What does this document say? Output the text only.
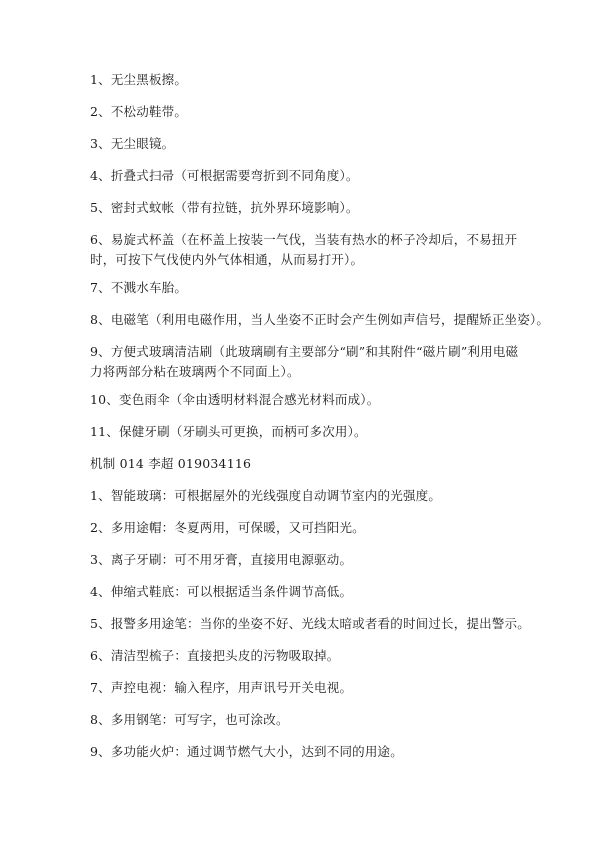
1、无尘黑板擦。
2、不松动鞋带。
3、无尘眼镜。
4、折叠式扫帚（可根据需要弯折到不同角度）。
5、密封式蚊帐（带有拉链，抗外界环境影响）。
6、易旋式杯盖（在杯盖上按装一气伐，当装有热水的杯子冷却后，不易扭开时，可按下气伐使内外气体相通，从而易打开）。
7、不溅水车胎。
8、电磁笔（利用电磁作用，当人坐姿不正时会产生例如声信号，提醒矫正坐姿）。
9、方便式玻璃清洁刷（此玻璃刷有主要部分“刷”和其附件“磁片刷”利用电磁力将两部分粘在玻璃两个不同面上）。
10、变色雨伞（伞由透明材料混合感光材料而成）。
11、保健牙刷（牙刷头可更换，而柄可多次用）。
机制 014 李超 019034116
1、智能玻璃：可根据屋外的光线强度自动调节室内的光强度。
2、多用途帽：冬夏两用，可保暖，又可挡阳光。
3、离子牙刷：可不用牙膏，直接用电源驱动。
4、伸缩式鞋底：可以根据适当条件调节高低。
5、报警多用途笔：当你的坐姿不好、光线太暗或者看的时间过长，提出警示。
6、清洁型梳子：直接把头皮的污物吸取掉。
7、声控电视：输入程序，用声讯号开关电视。
8、多用钢笔：可写字，也可涂改。
9、多功能火炉：通过调节燃气大小，达到不同的用途。
